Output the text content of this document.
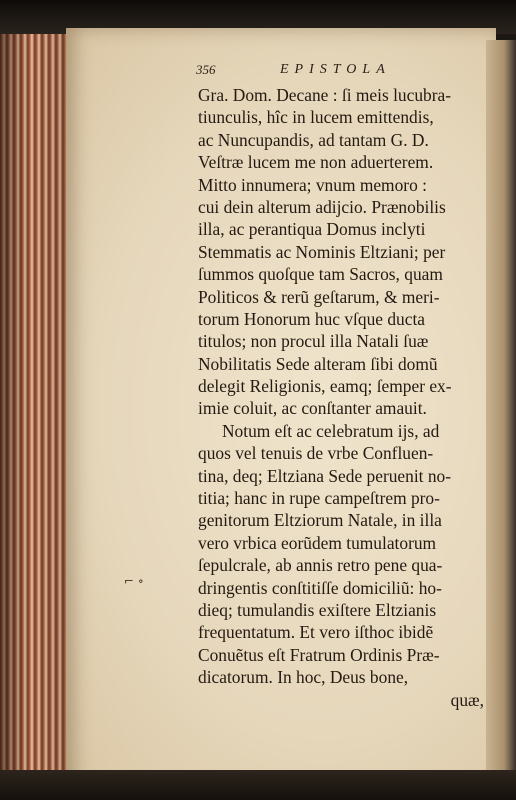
356	EPISTOLA
Gra. Dom. Decane : ſi meis lucubra-
tiunculis, hîc in lucem emittendis,
ac Nuncupandis, ad tantam G. D.
Veſtræ lucem me non aduerterem.
Mitto innumera; vnum memoro :
cui dein alterum adijcio. Prænobilis
illa, ac perantiqua Domus inclyti
Stemmatis ac Nominis Eltziani; per
ſummos quoſque tam Sacros, quam
Politicos & rerũ geſtarum, & meri-
torum Honorum huc vſque ducta
titulos; non procul illa Natali ſuæ
Nobilitatis Sede alteram ſibi domũ
delegit Religionis, eamq; ſemper ex-
imie coluit, ac conſtanter amauit.
Notum eſt ac celebratum ijs, ad
quos vel tenuis de vrbe Confluen-
tina, deq; Eltziana Sede peruenit no-
titia; hanc in rupe campeſtrem pro-
genitorum Eltziorum Natale, in illa
vero vrbica eorũdem tumulatorum
ſepulcrale, ab annis retro pene qua-
dringentis conſtitiſſe domiciliũ: ho-
dieq; tumulandis exiſtere Eltzianis
frequentatum. Et vero iſthoc ibidẽ
Conuẽtus eſt Fratrum Ordinis Præ-
dicatorum. In hoc, Deus bone,
quæ,
⌐ ∘
